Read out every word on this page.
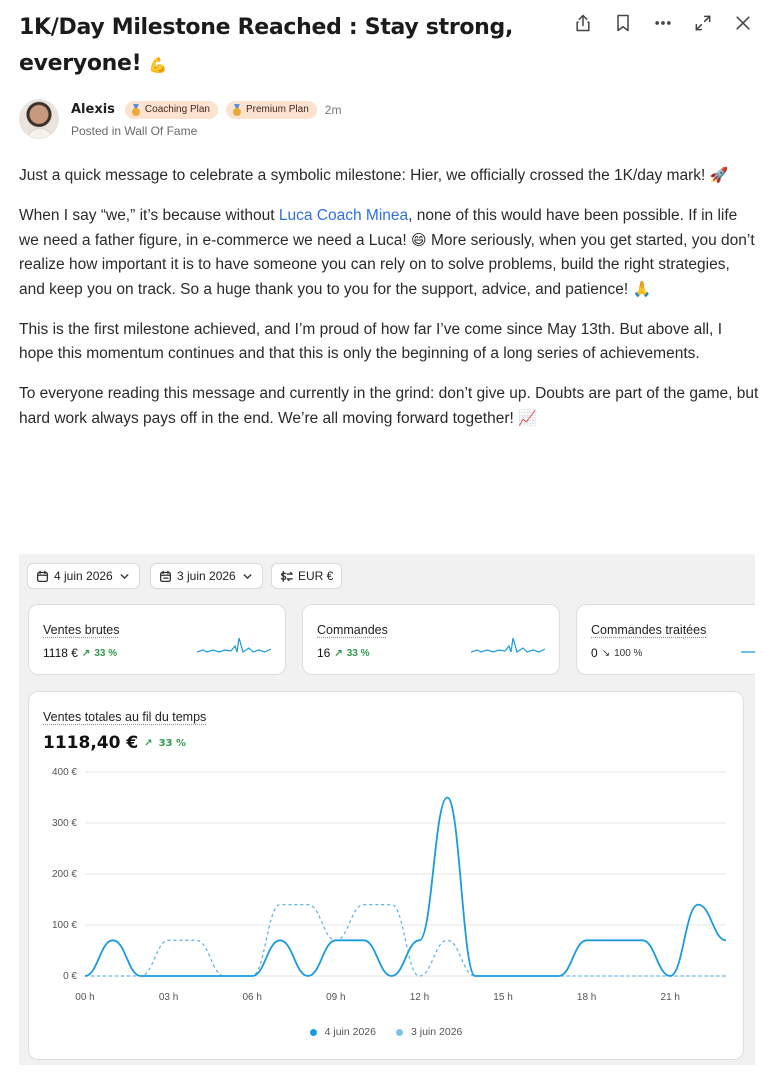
1K/Day Milestone Reached : Stay strong, everyone! 💪
Alexis	Coaching Plan	Premium Plan 2m
Posted in Wall Of Fame

Just a quick message to celebrate a symbolic milestone: Hier, we officially crossed the 1K/day mark! 🚀

When I say “we,” it’s because without Luca Coach Minea, none of this would have been possible. If in life we need a father figure, in e-commerce we need a Luca! 😄 More seriously, when you get started, you don’t realize how important it is to have someone you can rely on to solve problems, build the right strategies, and keep you on track. So a huge thank you to you for the support, advice, and patience! 🙏

This is the first milestone achieved, and I’m proud of how far I’ve come since May 13th. But above all, I hope this momentum continues and that this is only the beginning of a long series of achievements.

To everyone reading this message and currently in the grind: don’t give up. Doubts are part of the game, but hard work always pays off in the end. We’re all moving forward together! 📈

4 juin 2026	3 juin 2026	EUR €
Ventes brutes
1118 € ↗ 33 %
Commandes
16 ↗ 33 %
Commandes traitées
0 ↘ 100 %
Ventes totales au fil du temps
1118,40 € ↗ 33 %
0 €
100 €
200 €
300 €
400 €
00 h	03 h	06 h	09 h	12 h	15 h	18 h	21 h
4 juin 2026	3 juin 2026
